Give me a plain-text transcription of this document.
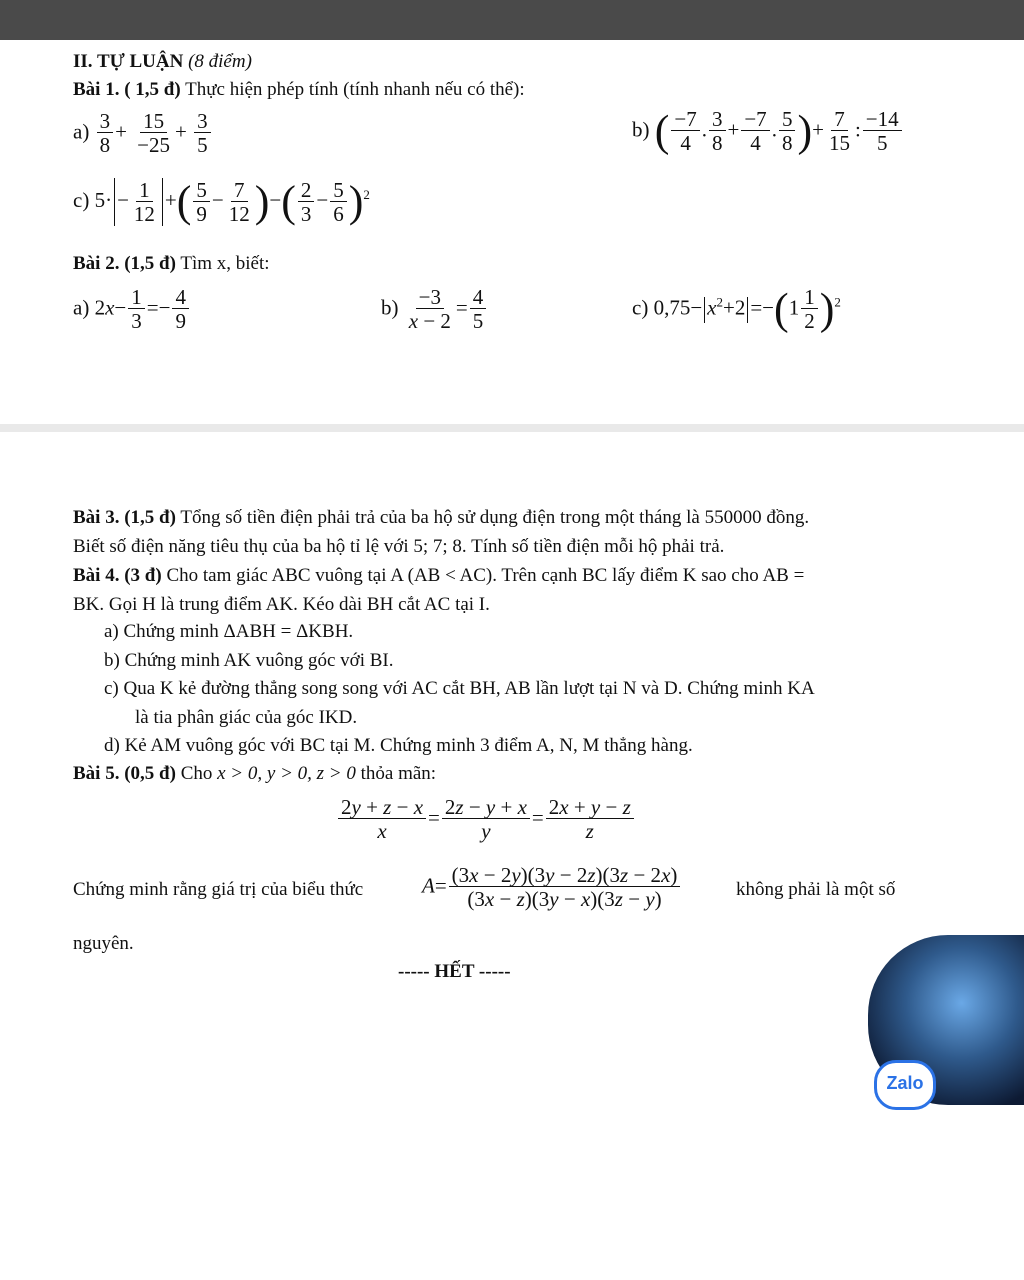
II. TỰ LUẬN (8 điểm)
Bài 1. ( 1,5 đ) Thực hiện phép tính (tính nhanh nếu có thể):
$a) \frac{3}{8} + \frac{15}{-25} + \frac{3}{5}$	b) ( $\frac{-7}{4}$ . $\frac{3}{8} + \frac{-7}{4}$ . $\frac{5}{8}$ )+ $\frac{7}{15}$ : $\frac{-14}{5}$
c) $5\cdot - \frac{1}{12}$ +( $\frac{5}{9} - \frac{7}{12}$ )−( $\frac{2}{3} - \frac{5}{6} )^2$
Bài 2. (1,5 đ) Tìm x, biết:
a) $2x- \frac{1}{3} =- \frac{4}{9}$	$b) \frac{-3}{x - 2} = \frac{4}{5}$	c) $0,75- x^2+2 =-(1 \frac{1}{2} )^2$
Bài 3. (1,5 đ) Tổng số tiền điện phải trả của ba hộ sử dụng điện trong một tháng là 550000 đồng.
Biết số điện năng tiêu thụ của ba hộ tỉ lệ với 5; 7; 8. Tính số tiền điện mỗi hộ phải trả.
Bài 4. (3 đ) Cho tam giác ABC vuông tại A (AB < AC). Trên cạnh BC lấy điểm K sao cho AB =
BK. Gọi H là trung điểm AK. Kéo dài BH cắt AC tại I.
a) Chứng minh ΔABH = ΔKBH.
b) Chứng minh AK vuông góc với BI.
c) Qua K kẻ đường thẳng song song với AC cắt BH, AB lần lượt tại N và D. Chứng minh KA
là tia phân giác của góc IKD.
d) Kẻ AM vuông góc với BC tại M. Chứng minh 3 điểm A, N, M thẳng hàng.
Bài 5. (0,5 đ) Cho x > 0, y > 0, z > 0 thỏa mãn:
$\frac{2y + z - x}{x} = \frac{2z - y + x}{y} = \frac{2x + y - z}{z}$
Chứng minh rằng giá trị của biểu thức	$A= \frac{(3x - 2y)(3y - 2z)(3z - 2x)}{(3x - z)(3y - x)(3z - y)}$	không phải là một số
nguyên.
----- HẾT -----
Zalo
